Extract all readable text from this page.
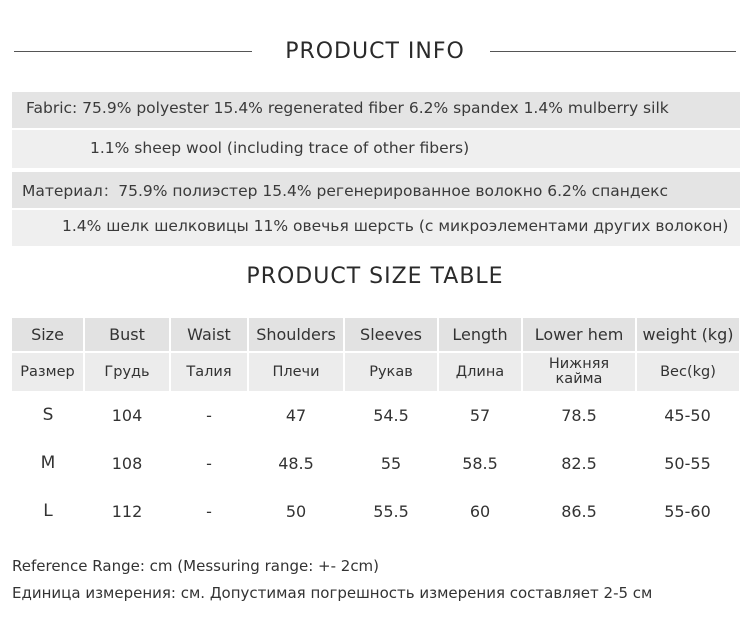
PRODUCT INFO
Fabric: 75.9% polyester 15.4% regenerated fiber 6.2% spandex 1.4% mulberry silk
1.1% sheep wool (including trace of other fibers)
Материал：75.9% полиэстер 15.4% регенерированное волокно 6.2% спандекс
1.4% шелк шелковицы 11% овечья шерсть (с микроэлементами других волокон)
PRODUCT SIZE TABLE
Size	Bust	Waist	Shoulders	Sleeves	Length	Lower hem	weight (kg)
Размер	Грудь	Талия	Плечи	Рукав	Длина	Нижняя кайма	Вес(kg)
S	104	-	47	54.5	57	78.5	45-50
M	108	-	48.5	55	58.5	82.5	50-55
L	112	-	50	55.5	60	86.5	55-60
Reference Range: cm (Messuring range: +- 2cm)
Единица измерения: см. Допустимая погрешность измерения составляет 2-5 см
